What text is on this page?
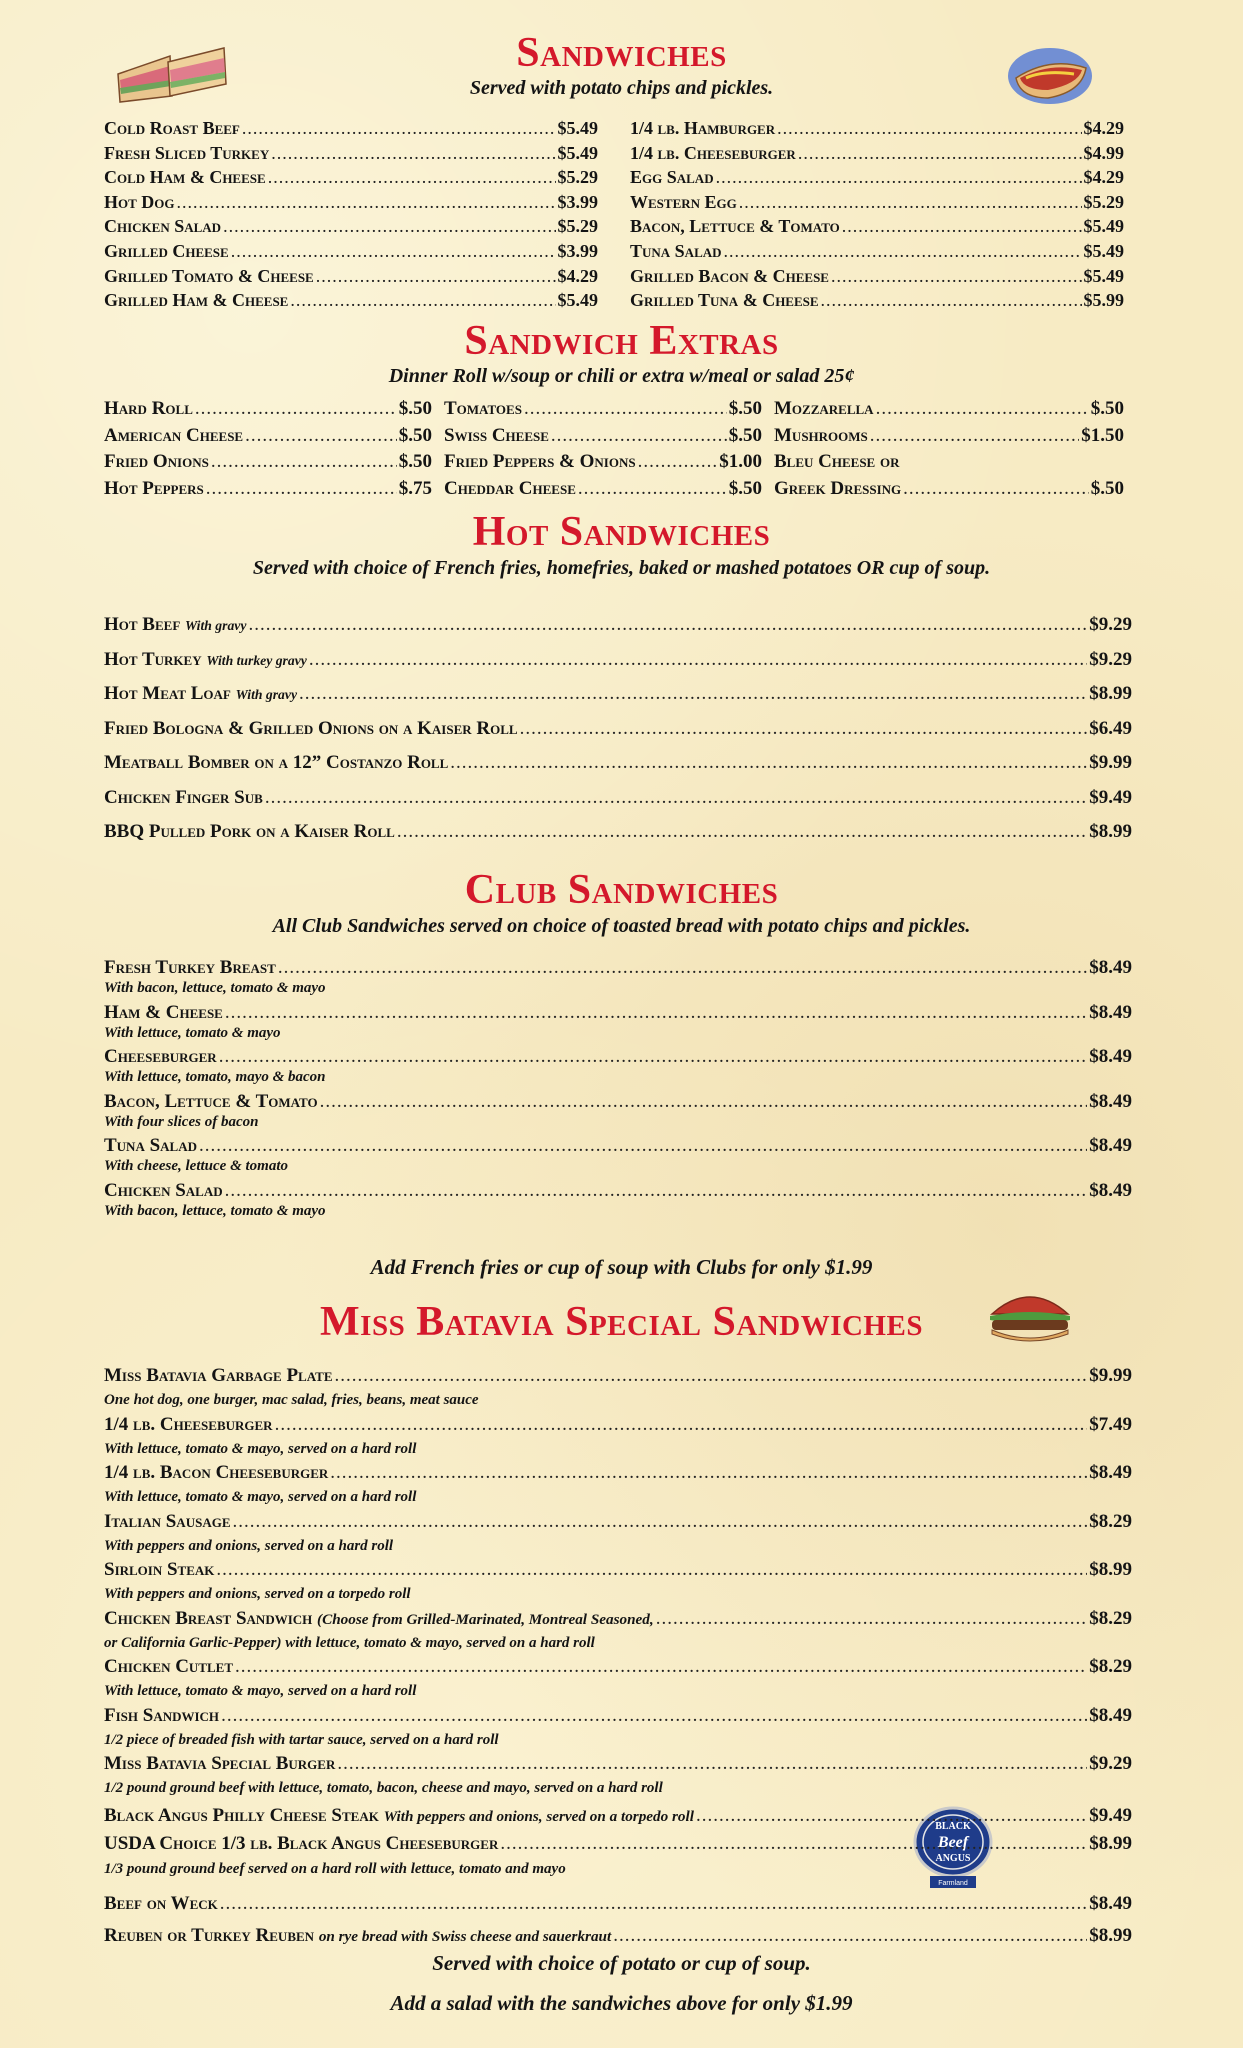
BLACK
Beef
ANGUS
Farmland
Sandwiches
Served with potato chips and pickles.
Cold Roast Beef .....	$5.49
Fresh Sliced Turkey .....	$5.49
Cold Ham & Cheese .....	$5.29
Hot Dog .....	$3.99
Chicken Salad .....	$5.29
Grilled Cheese .....	$3.99
Grilled Tomato & Cheese .....	$4.29
Grilled Ham & Cheese .....	$5.49
1/4 lb. Hamburger .....	$4.29
1/4 lb. Cheeseburger .....	$4.99
Egg Salad .....	$4.29
Western Egg .....	$5.29
Bacon, Lettuce & Tomato .....	$5.49
Tuna Salad .....	$5.49
Grilled Bacon & Cheese .....	$5.49
Grilled Tuna & Cheese .....	$5.99
Sandwich Extras
Dinner Roll w/soup or chili or extra w/meal or salad 25¢
Hard Roll .....	$.50
American Cheese .....	$.50
Fried Onions .....	$.50
Hot Peppers .....	$.75
Tomatoes .....	$.50
Swiss Cheese .....	$.50
Fried Peppers & Onions .....	$1.00
Cheddar Cheese .....	$.50
Mozzarella .....	$.50
Mushrooms .....	$1.50
Bleu Cheese or
Greek Dressing .....	$.50
Hot Sandwiches
Served with choice of French fries, homefries, baked or mashed potatoes OR cup of soup.
Hot Beef With gravy .....	$9.29
Hot Turkey With turkey gravy .....	$9.29
Hot Meat Loaf With gravy .....	$8.99
Fried Bologna & Grilled Onions on a Kaiser Roll .....	$6.49
Meatball Bomber on a 12” Costanzo Roll .....	$9.99
Chicken Finger Sub .....	$9.49
BBQ Pulled Pork on a Kaiser Roll .....	$8.99
Club Sandwiches
All Club Sandwiches served on choice of toasted bread with potato chips and pickles.
Fresh Turkey Breast .....	$8.49
With bacon, lettuce, tomato & mayo
Ham & Cheese .....	$8.49
With lettuce, tomato & mayo
Cheeseburger .....	$8.49
With lettuce, tomato, mayo & bacon
Bacon, Lettuce & Tomato .....	$8.49
With four slices of bacon
Tuna Salad .....	$8.49
With cheese, lettuce & tomato
Chicken Salad .....	$8.49
With bacon, lettuce, tomato & mayo
Add French fries or cup of soup with Clubs for only $1.99
Miss Batavia Special Sandwiches
Miss Batavia Garbage Plate .....	$9.99
One hot dog, one burger, mac salad, fries, beans, meat sauce
1/4 lb. Cheeseburger .....	$7.49
With lettuce, tomato & mayo, served on a hard roll
1/4 lb. Bacon Cheeseburger .....	$8.49
With lettuce, tomato & mayo, served on a hard roll
Italian Sausage .....	$8.29
With peppers and onions, served on a hard roll
Sirloin Steak .....	$8.99
With peppers and onions, served on a torpedo roll
Chicken Breast Sandwich (Choose from Grilled-Marinated, Montreal Seasoned, .....	$8.29
or California Garlic-Pepper) with lettuce, tomato & mayo, served on a hard roll
Chicken Cutlet .....	$8.29
With lettuce, tomato & mayo, served on a hard roll
Fish Sandwich .....	$8.49
1/2 piece of breaded fish with tartar sauce, served on a hard roll
Miss Batavia Special Burger .....	$9.29
1/2 pound ground beef with lettuce, tomato, bacon, cheese and mayo, served on a hard roll
Black Angus Philly Cheese Steak With peppers and onions, served on a torpedo roll .....	$9.49
USDA Choice 1/3 lb. Black Angus Cheeseburger .....	$8.99
1/3 pound ground beef served on a hard roll with lettuce, tomato and mayo
Beef on Weck .....	$8.49
Reuben or Turkey Reuben on rye bread with Swiss cheese and sauerkraut .....	$8.99
Served with choice of potato or cup of soup.
Add a salad with the sandwiches above for only $1.99
